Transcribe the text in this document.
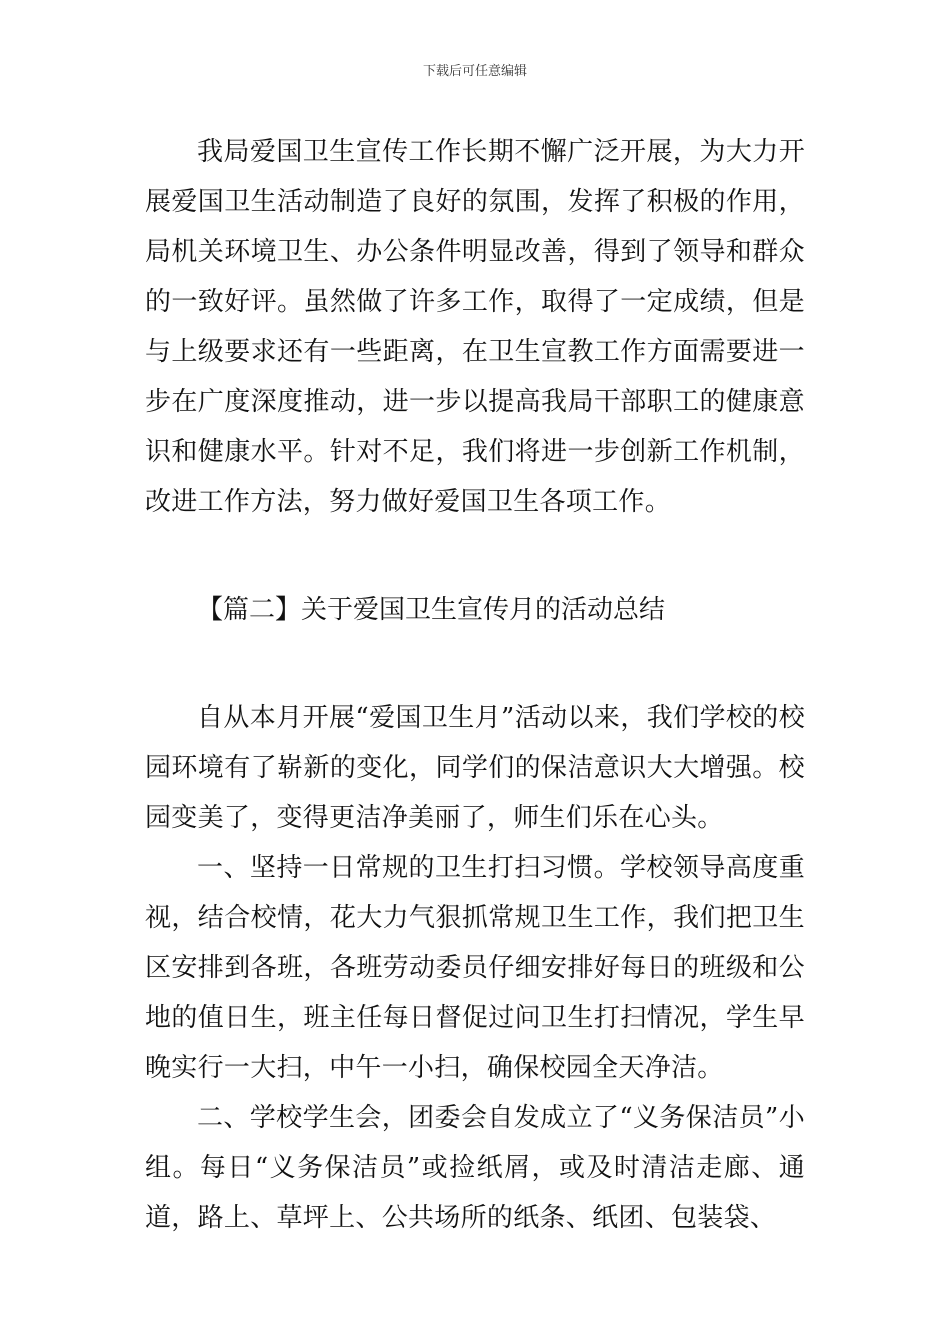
下载后可任意编辑

我局爱国卫生宣传工作长期不懈广泛开展，为大力开展爱国卫生活动制造了良好的氛围，发挥了积极的作用，局机关环境卫生、办公条件明显改善，得到了领导和群众的一致好评。虽然做了许多工作，取得了一定成绩，但是与上级要求还有一些距离，在卫生宣教工作方面需要进一步在广度深度推动，进一步以提高我局干部职工的健康意识和健康水平。针对不足，我们将进一步创新工作机制，改进工作方法，努力做好爱国卫生各项工作。

【篇二】关于爱国卫生宣传月的活动总结

自从本月开展“爱国卫生月”活动以来，我们学校的校园环境有了崭新的变化，同学们的保洁意识大大增强。校园变美了，变得更洁净美丽了，师生们乐在心头。

一、坚持一日常规的卫生打扫习惯。学校领导高度重视，结合校情，花大力气狠抓常规卫生工作，我们把卫生区安排到各班，各班劳动委员仔细安排好每日的班级和公地的值日生，班主任每日督促过问卫生打扫情况，学生早晚实行一大扫，中午一小扫，确保校园全天净洁。

二、学校学生会，团委会自发成立了“义务保洁员”小组。每日“义务保洁员”或捡纸屑，或及时清洁走廊、通道，路上、草坪上、公共场所的纸条、纸团、包装袋、
